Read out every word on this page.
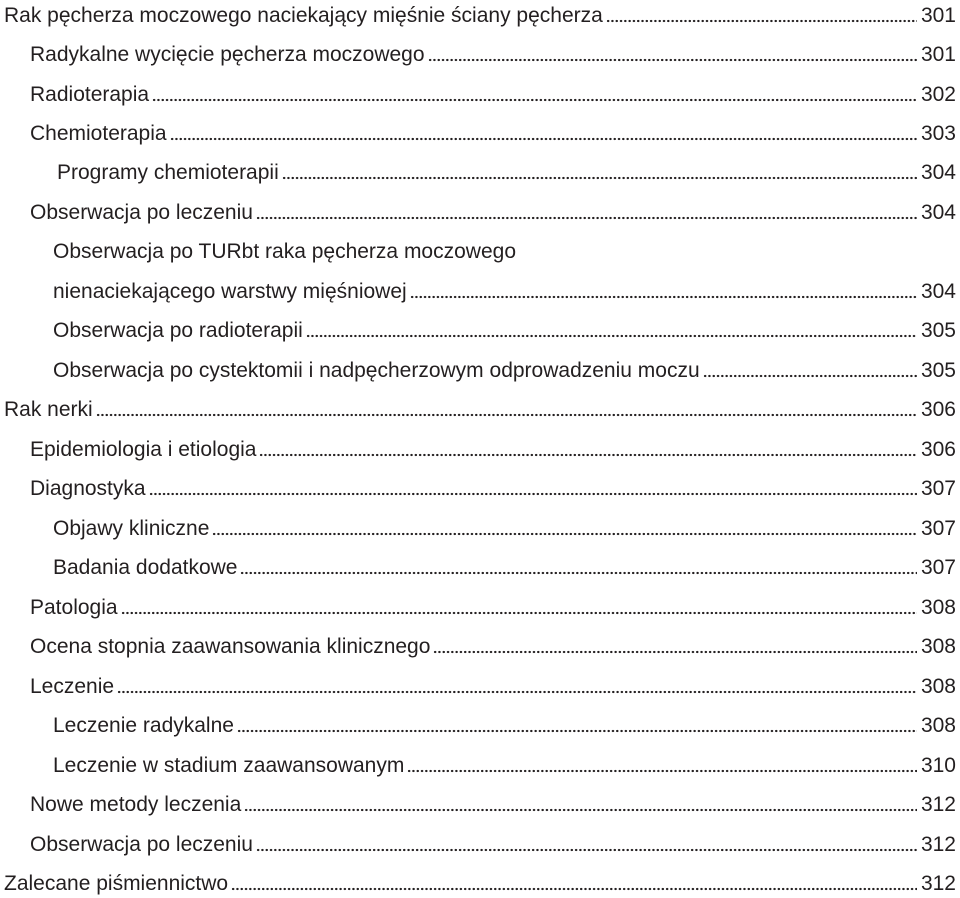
Rak pęcherza moczowego naciekający mięśnie ściany pęcherza	301
Radykalne wycięcie pęcherza moczowego	301
Radioterapia	302
Chemioterapia	303
Programy chemioterapii	304
Obserwacja po leczeniu	304
Obserwacja po TURbt raka pęcherza moczowego
nienaciekającego warstwy mięśniowej	304
Obserwacja po radioterapii	305
Obserwacja po cystektomii i nadpęcherzowym odprowadzeniu moczu	305
Rak nerki	306
Epidemiologia i etiologia	306
Diagnostyka	307
Objawy kliniczne	307
Badania dodatkowe	307
Patologia	308
Ocena stopnia zaawansowania klinicznego	308
Leczenie	308
Leczenie radykalne	308
Leczenie w stadium zaawansowanym	310
Nowe metody leczenia	312
Obserwacja po leczeniu	312
Zalecane piśmiennictwo	312
